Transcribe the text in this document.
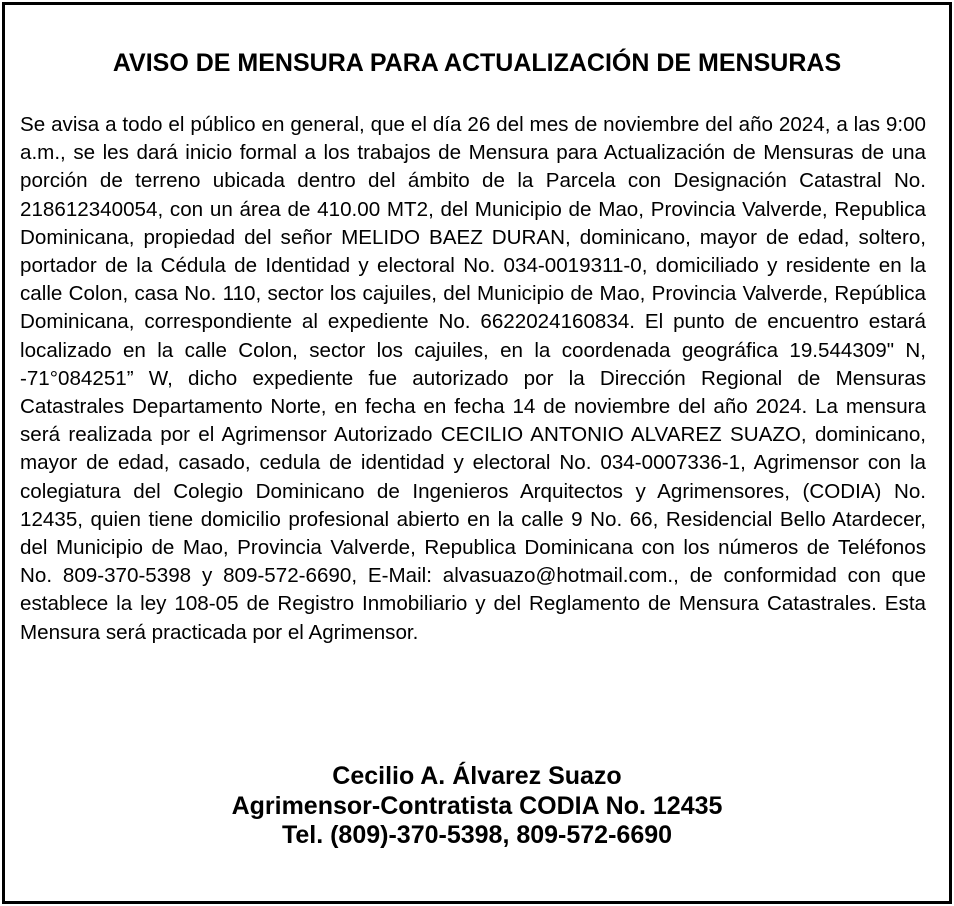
AVISO DE MENSURA PARA ACTUALIZACIÓN DE MENSURAS

Se avisa a todo el público en general, que el día 26 del mes de noviembre del año 2024, a las 9:00 a.m., se les dará inicio formal a los trabajos de Mensura para Actualización de Mensuras de una porción de terreno ubicada dentro del ámbito de la Parcela con Designación Catastral No. 218612340054, con un área de 410.00 MT2, del Municipio de Mao, Provincia Valverde, Republica Dominicana, propiedad del señor MELIDO BAEZ DURAN, dominicano, mayor de edad, soltero, portador de la Cédula de Identidad y electoral No. 034-0019311-0, domiciliado y residente en la calle Colon, casa No. 110, sector los cajuiles, del Municipio de Mao, Provincia Valverde, República Dominicana, correspondiente al expediente No. 6622024160834. El punto de encuentro estará localizado en la calle Colon, sector los cajuiles, en la coordenada geográfica 19.544309" N, -71°084251” W, dicho expediente fue autorizado por la Dirección Regional de Mensuras Catastrales Departamento Norte, en fecha en fecha 14 de noviembre del año 2024. La mensura será realizada por el Agrimensor Autorizado CECILIO ANTONIO ALVAREZ SUAZO, dominicano, mayor de edad, casado, cedula de identidad y electoral No. 034-0007336-1, Agrimensor con la colegiatura del Colegio Dominicano de Ingenieros Arquitectos y Agrimensores, (CODIA) No. 12435, quien tiene domicilio profesional abierto en la calle 9 No. 66, Residencial Bello Atardecer, del Municipio de Mao, Provincia Valverde, Republica Dominicana con los números de Teléfonos No. 809-370-5398 y 809-572-6690, E-Mail: alvasuazo@hotmail.com., de conformidad con que establece la ley 108-05 de Registro Inmobiliario y del Reglamento de Mensura Catastrales. Esta Mensura será practicada por el Agrimensor.

Cecilio A. Álvarez Suazo
Agrimensor-Contratista CODIA No. 12435
Tel. (809)-370-5398, 809-572-6690
